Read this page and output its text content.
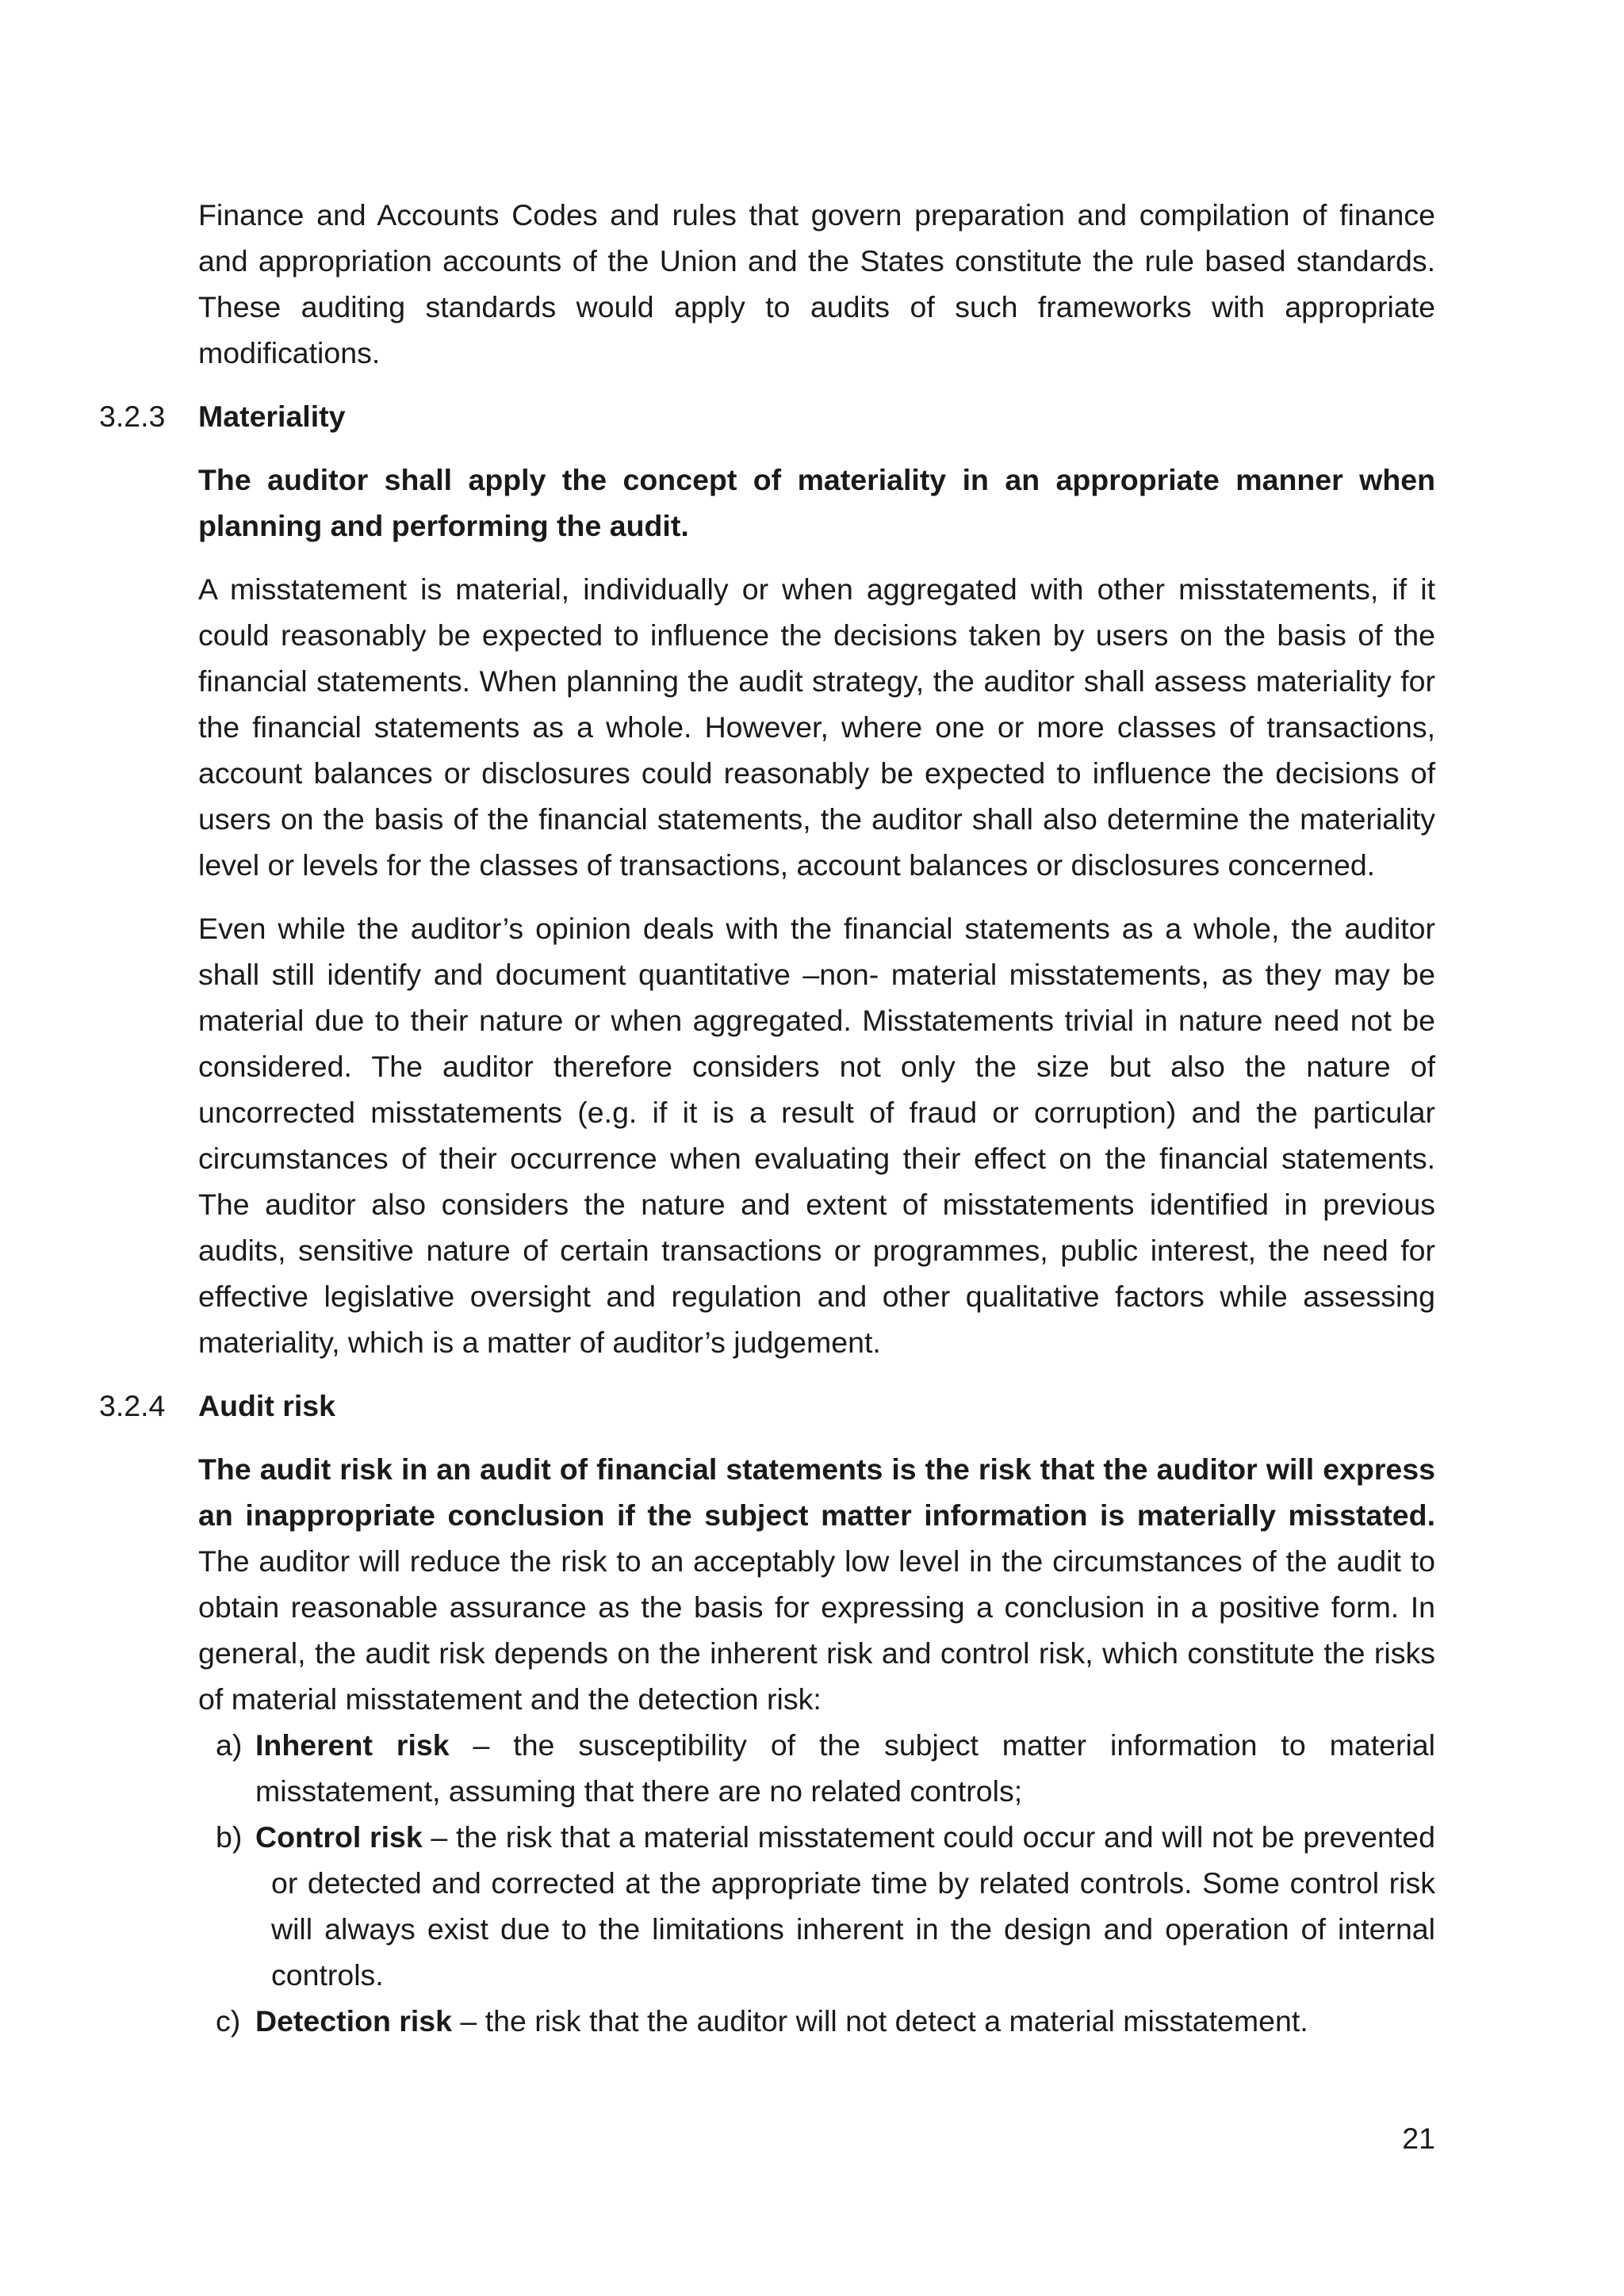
Finance and Accounts Codes and rules that govern preparation and compilation of finance and appropriation accounts of the Union and the States constitute the rule based standards. These auditing standards would apply to audits of such frameworks with appropriate modifications.

3.2.3 Materiality

The auditor shall apply the concept of materiality in an appropriate manner when planning and performing the audit.

A misstatement is material, individually or when aggregated with other misstatements, if it could reasonably be expected to influence the decisions taken by users on the basis of the financial statements. When planning the audit strategy, the auditor shall assess materiality for the financial statements as a whole. However, where one or more classes of transactions, account balances or disclosures could reasonably be expected to influence the decisions of users on the basis of the financial statements, the auditor shall also determine the materiality level or levels for the classes of transactions, account balances or disclosures concerned.

Even while the auditor’s opinion deals with the financial statements as a whole, the auditor shall still identify and document quantitative –non- material misstatements, as they may be material due to their nature or when aggregated. Misstatements trivial in nature need not be considered. The auditor therefore considers not only the size but also the nature of uncorrected misstatements (e.g. if it is a result of fraud or corruption) and the particular circumstances of their occurrence when evaluating their effect on the financial statements. The auditor also considers the nature and extent of misstatements identified in previous audits, sensitive nature of certain transactions or programmes, public interest, the need for effective legislative oversight and regulation and other qualitative factors while assessing materiality, which is a matter of auditor’s judgement.

3.2.4 Audit risk

The audit risk in an audit of financial statements is the risk that the auditor will express an inappropriate conclusion if the subject matter information is materially misstated. The auditor will reduce the risk to an acceptably low level in the circumstances of the audit to obtain reasonable assurance as the basis for expressing a conclusion in a positive form. In general, the audit risk depends on the inherent risk and control risk, which constitute the risks of material misstatement and the detection risk:

a) Inherent risk – the susceptibility of the subject matter information to material misstatement, assuming that there are no related controls;
b) Control risk – the risk that a material misstatement could occur and will not be prevented or detected and corrected at the appropriate time by related controls. Some control risk will always exist due to the limitations inherent in the design and operation of internal controls.
c) Detection risk – the risk that the auditor will not detect a material misstatement.
21
